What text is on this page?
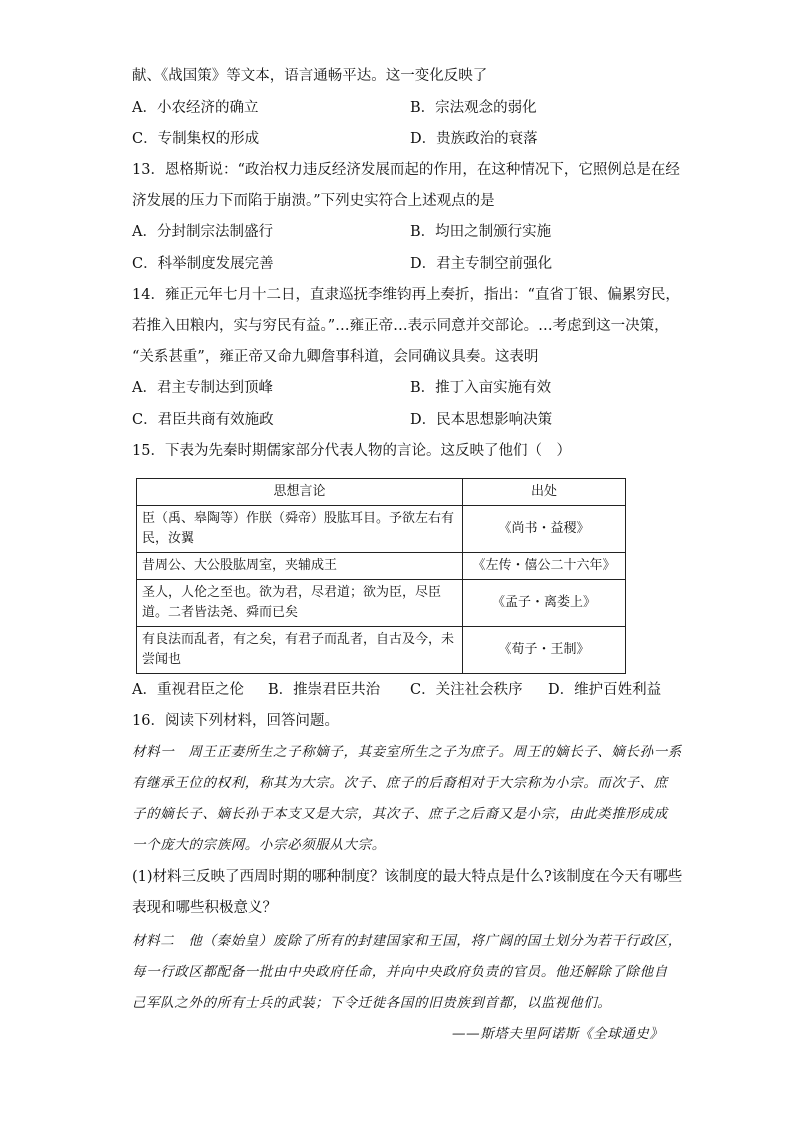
献、《战国策》等文本，语言通畅平达。这一变化反映了
A．小农经济的确立	B．宗法观念的弱化
C．专制集权的形成	D．贵族政治的衰落
13．恩格斯说：“政治权力违反经济发展而起的作用，在这种情况下，它照例总是在经
济发展的压力下而陷于崩溃。”下列史实符合上述观点的是
A．分封制宗法制盛行	B．均田之制颁行实施
C．科举制度发展完善	D．君主专制空前强化
14．雍正元年七月十二日，直隶巡抚李维钧再上奏折，指出：“直省丁银、偏累穷民，
若推入田粮内，实与穷民有益。”…雍正帝…表示同意并交部论。…考虑到这一决策，
“关系甚重”，雍正帝又命九卿詹事科道，会同确议具奏。这表明
A．君主专制达到顶峰	B．推丁入亩实施有效
C．君臣共商有效施政	D．民本思想影响决策
15．下表为先秦时期儒家部分代表人物的言论。这反映了他们（　）
思想言论	出处
臣（禹、皋陶等）作朕（舜帝）股肱耳目。予欲左右有民，汝翼	《尚书・益稷》
昔周公、大公股肱周室，夹辅成王	《左传・僖公二十六年》
圣人，人伦之至也。欲为君，尽君道；欲为臣，尽臣道。二者皆法尧、舜而已矣	《孟子・离娄上》
有良法而乱者，有之矣，有君子而乱者，自古及今，未尝闻也	《荀子・王制》
A．重视君臣之伦 B．推崇君臣共治 C．关注社会秩序 D．维护百姓利益
16．阅读下列材料，回答问题。
材料一　周王正妻所生之子称嫡子，其妾室所生之子为庶子。周王的嫡长子、嫡长孙一系
有继承王位的权利，称其为大宗。次子、庶子的后裔相对于大宗称为小宗。而次子、庶
子的嫡长子、嫡长孙于本支又是大宗，其次子、庶子之后裔又是小宗，由此类推形成成
一个庞大的宗族网。小宗必须服从大宗。
(1)材料三反映了西周时期的哪种制度？该制度的最大特点是什么?该制度在今天有哪些
表现和哪些积极意义？
材料二　他（秦始皇）废除了所有的封建国家和王国，将广阔的国土划分为若干行政区，
每一行政区都配备一批由中央政府任命，并向中央政府负责的官员。他还解除了除他自
己军队之外的所有士兵的武装；下令迁徙各国的旧贵族到首都，以监视他们。
——斯塔夫里阿诺斯《全球通史》
